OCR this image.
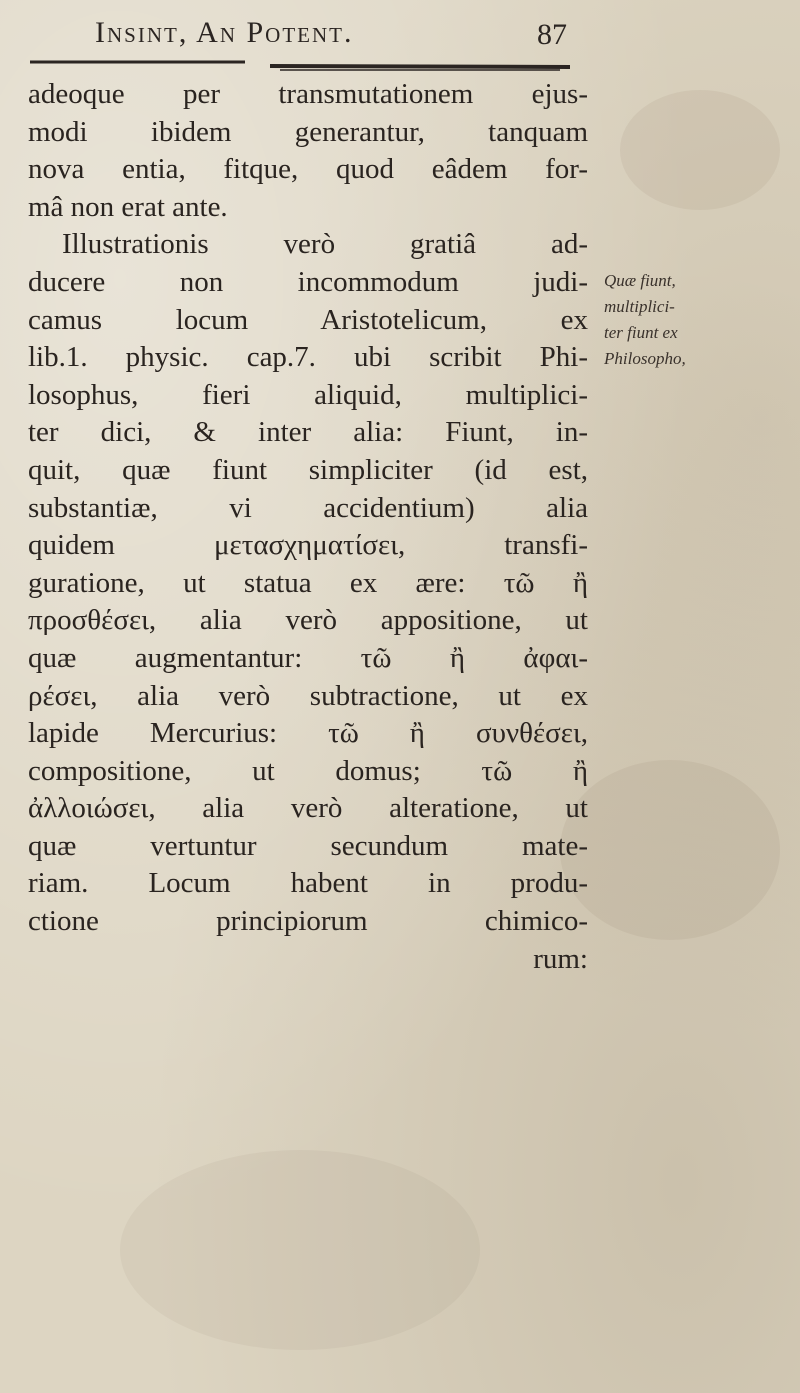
Insint, An Potent.	87
adeoque per transmutationem ejus-
modi ibidem generantur, tanquam
nova entia, fitque, quod eâdem for-
mâ non erat ante.
Illustrationis verò gratiâ ad-
ducere non incommodum judi-
camus locum Aristotelicum, ex
lib.1. physic. cap.7. ubi scribit Phi-
losophus, fieri aliquid, multiplici-
ter dici, & inter alia: Fiunt, in-
quit, quæ fiunt simpliciter (id est,
substantiæ, vi accidentium) alia
quidem μετασχηματίσει, transfi-
guratione, ut statua ex ære: τῶ ἢ
προσθέσει, alia verò appositione, ut
quæ augmentantur: τῶ ἢ ἀφαι-
ρέσει, alia verò subtractione, ut ex
lapide Mercurius: τῶ ἢ συνθέσει,
compositione, ut domus; τῶ ἢ
ἀλλοιώσει, alia verò alteratione, ut
quæ vertuntur secundum mate-
riam. Locum habent in produ-
ctione principiorum chimico-
rum:
Quæ fiunt,
multiplici-
ter fiunt ex
Philosopho,
